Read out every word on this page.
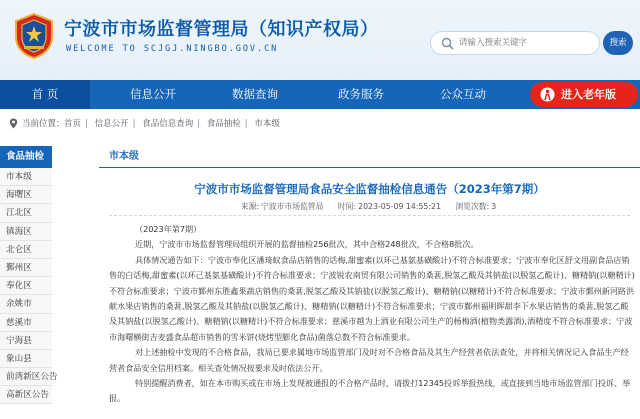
宁波市市场监督管理局（知识产权局）
WELCOME TO SCJGJ.NINGBO.GOV.CN
请输入搜索关键字
搜索
首 页	信息公开	数据查询	政务服务	公众互动	进入老年版
当前位置： 首页 | 信息公开 | 食品信息查询 | 食品抽检 | 市本级
食品抽检
市本级
海曙区
江北区
镇海区
北仑区
鄞州区
奉化区
余姚市
慈溪市
宁海县
象山县
前湾新区公告
高新区公告
市本级
宁波市市场监督管理局食品安全监督抽检信息通告（2023年第7期）
来源: 宁波市市场监管局 时间: 2023-05-09 14:55:21 浏览次数: 3

（2023年第7期）

近期，宁波市市场监督管理局组织开展的监督抽检256批次，其中合格248批次，不合格8批次。

具体情况通告如下：宁波市奉化区潘琦蚁食品店销售的话梅,甜蜜素(以环己基氨基磺酸计)不符合标准要求；宁波市奉化区舒文用副食品店销售的白话梅,甜蜜素(以环己基氨基磺酸计)不符合标准要求；宁波锐农南贸有限公司销售的桑葚,脱氢乙酸及其钠盐(以脱氢乙酸计)、糖精钠(以糖精计)不符合标准要求；宁波市鄞州东胜鑫果蔬店销售的桑葚,脱氢乙酸及其钠盐(以脱氢乙酸计)、糖精钠(以糖精计)不符合标准要求；宁波市鄞州新河路洪献水果店销售的桑葚,脱氢乙酸及其钠盐(以脱氢乙酸计)、糖精钠(以糖精计)不符合标准要求；宁波市鄞州福明晖甜李下水果店销售的桑葚,脱氢乙酸及其钠盐(以脱氢乙酸计)、糖精钠(以糖精计)不符合标准要求；慈溪市越为上酒业有限公司生产的杨梅酒(植物类露酒),酒精度不符合标准要求；宁波市海曙横街吉麦盛食品超市销售的雪米饼(烧烤型膨化食品)菌落总数不符合标准要求。

对上述抽检中发现的不合格食品，我局已要求属地市场监管部门及时对不合格食品及其生产经营者依法查处，并将相关情况记入食品生产经营者食品安全信用档案。相关查处情况按要求及时依法公开。

特别提醒消费者，如在本市购买或在市场上发现被通报的不合格产品时，请拨打12345投诉举报热线，或直接到当地市场监管部门投诉、举报。
